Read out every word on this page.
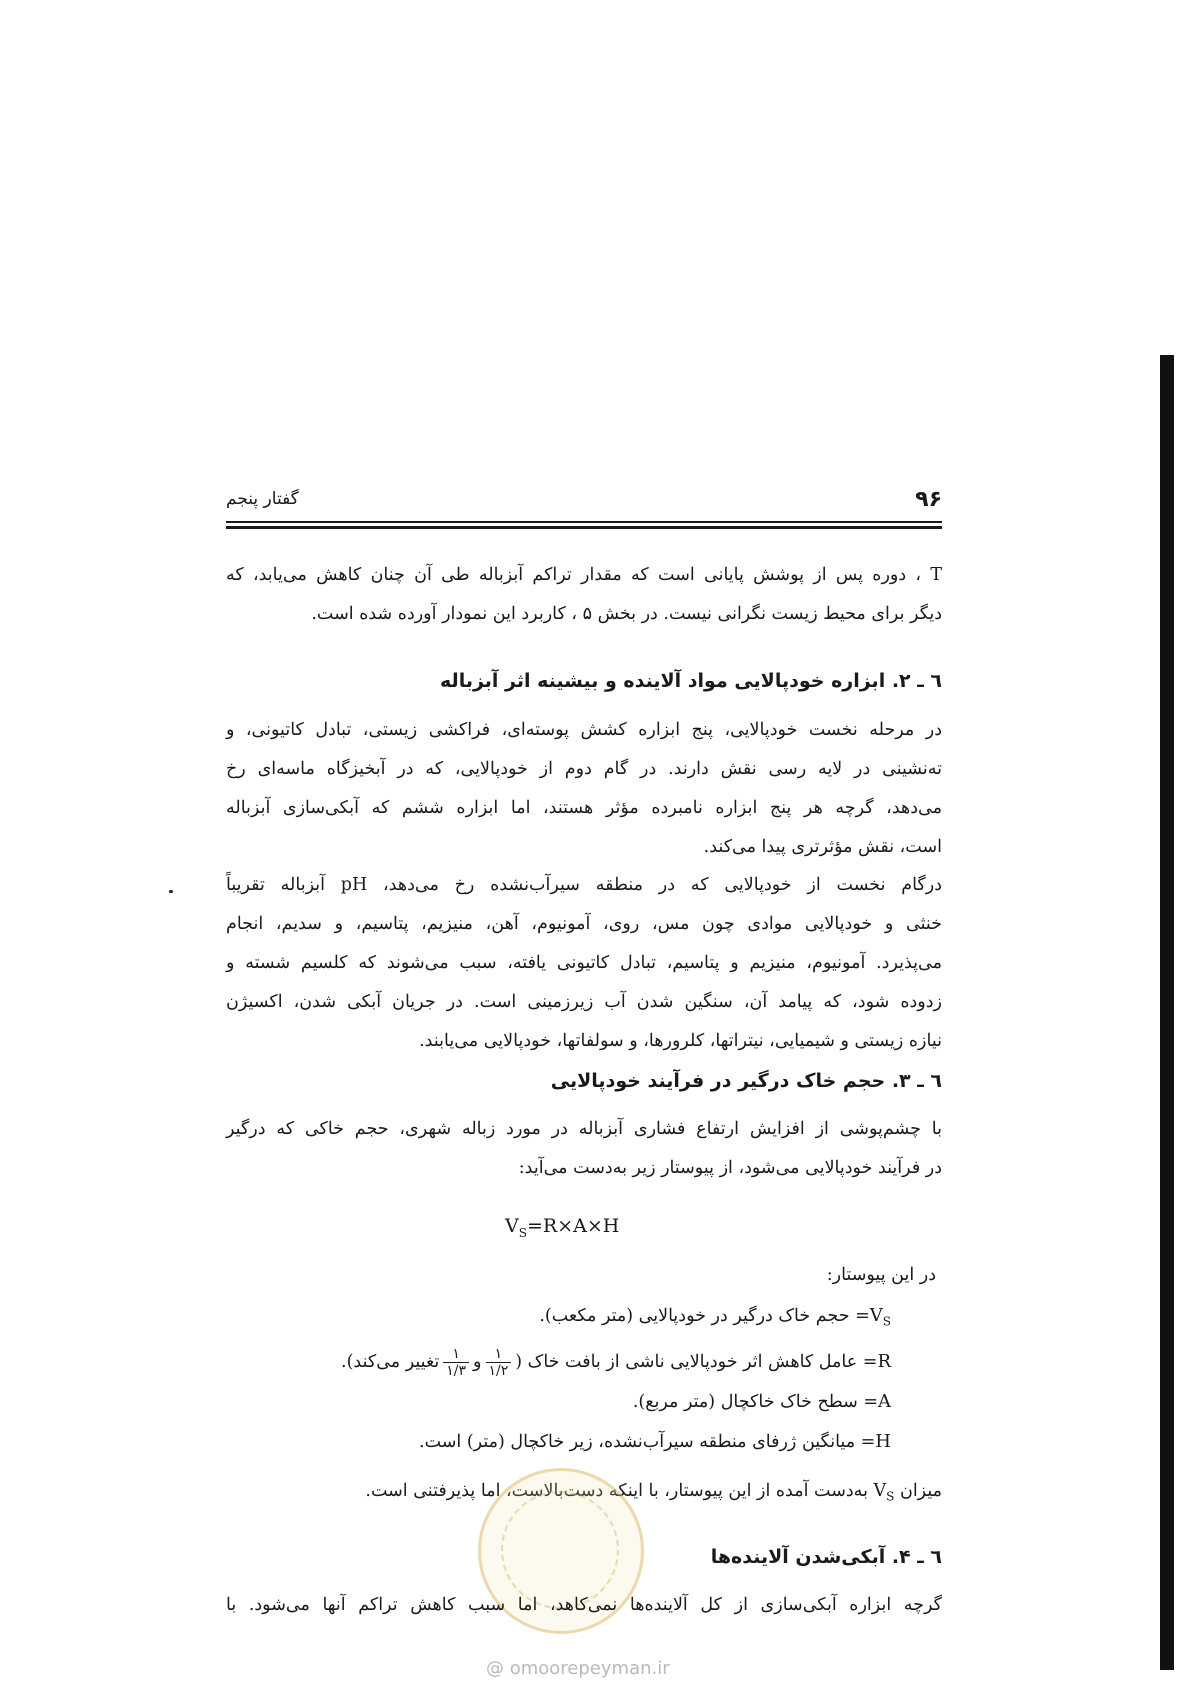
۹۶
گفتار پنجم
T ، دوره پس از پوشش پایانی است که مقدار تراکم آبزباله طی آن چنان کاهش می‌یابد، که
دیگر برای محیط زیست نگرانی نیست. در بخش ۵ ، کاربرد این نمودار آورده شده است.
٦ ـ ٢. ابزاره خودپالایی مواد آلاینده و بیشینه اثر آبزباله
در مرحله نخست خودپالایی، پنج ابزاره کشش پوسته‌ای، فراکشی زیستی، تبادل کاتیونی، و
ته‌نشینی در لایه رسی نقش دارند. در گام دوم از خودپالایی، که در آبخیزگاه ماسه‌ای رخ
می‌دهد، گرچه هر پنج ابزاره نامبرده مؤثر هستند، اما ابزاره ششم که آبکی‌سازی آبزباله
است، نقش مؤثرتری پیدا می‌کند.
درگام نخست از خودپالایی که در منطقه سیرآب‌نشده رخ می‌دهد، pH آبزباله تقریباً
خنثی و خودپالایی موادی چون مس، روی، آمونیوم، آهن، منیزیم، پتاسیم، و سدیم، انجام
می‌پذیرد. آمونیوم، منیزیم و پتاسیم، تبادل کاتیونی یافته، سبب می‌شوند که کلسیم شسته و
زدوده شود، که پیامد آن، سنگین شدن آب زیرزمینی است. در جریان آبکی شدن، اکسیژن
نیازه زیستی و شیمیایی، نیتراتها، کلرورها، و سولفاتها، خودپالایی می‌یابند.
٦ ـ ٣. حجم خاک درگیر در فرآیند خودپالایی
با چشم‌پوشی از افزایش ارتفاع فشاری آبزباله در مورد زباله شهری، حجم خاکی که درگیر
در فرآیند خودپالایی می‌شود، از پیوستار زیر به‌دست می‌آید:
$V_S=R\times A\times H$
در این پیوستار:
$V_S=$ حجم خاک درگیر در خودپالایی (متر مکعب).
R= عامل کاهش اثر خودپالایی ناشی از بافت خاک (
$\frac{١}{١/٢}$
و
$\frac{١}{١/٣}$
تغییر می‌کند).
A= سطح خاک خاکچال (متر مربع).
H= میانگین ژرفای منطقه سیرآب‌نشده، زیر خاکچال (متر) است.
میزان $V_S$ به‌دست آمده از این پیوستار، با اینکه دست‌بالاست، اما پذیرفتنی است.
٦ ـ ۴. آبکی‌شدن آلاینده‌ها
گرچه ابزاره آبکی‌سازی از کل آلاینده‌ها نمی‌کاهد، اما سبب کاهش تراکم آنها می‌شود. با
@ omoorepeyman.ir
